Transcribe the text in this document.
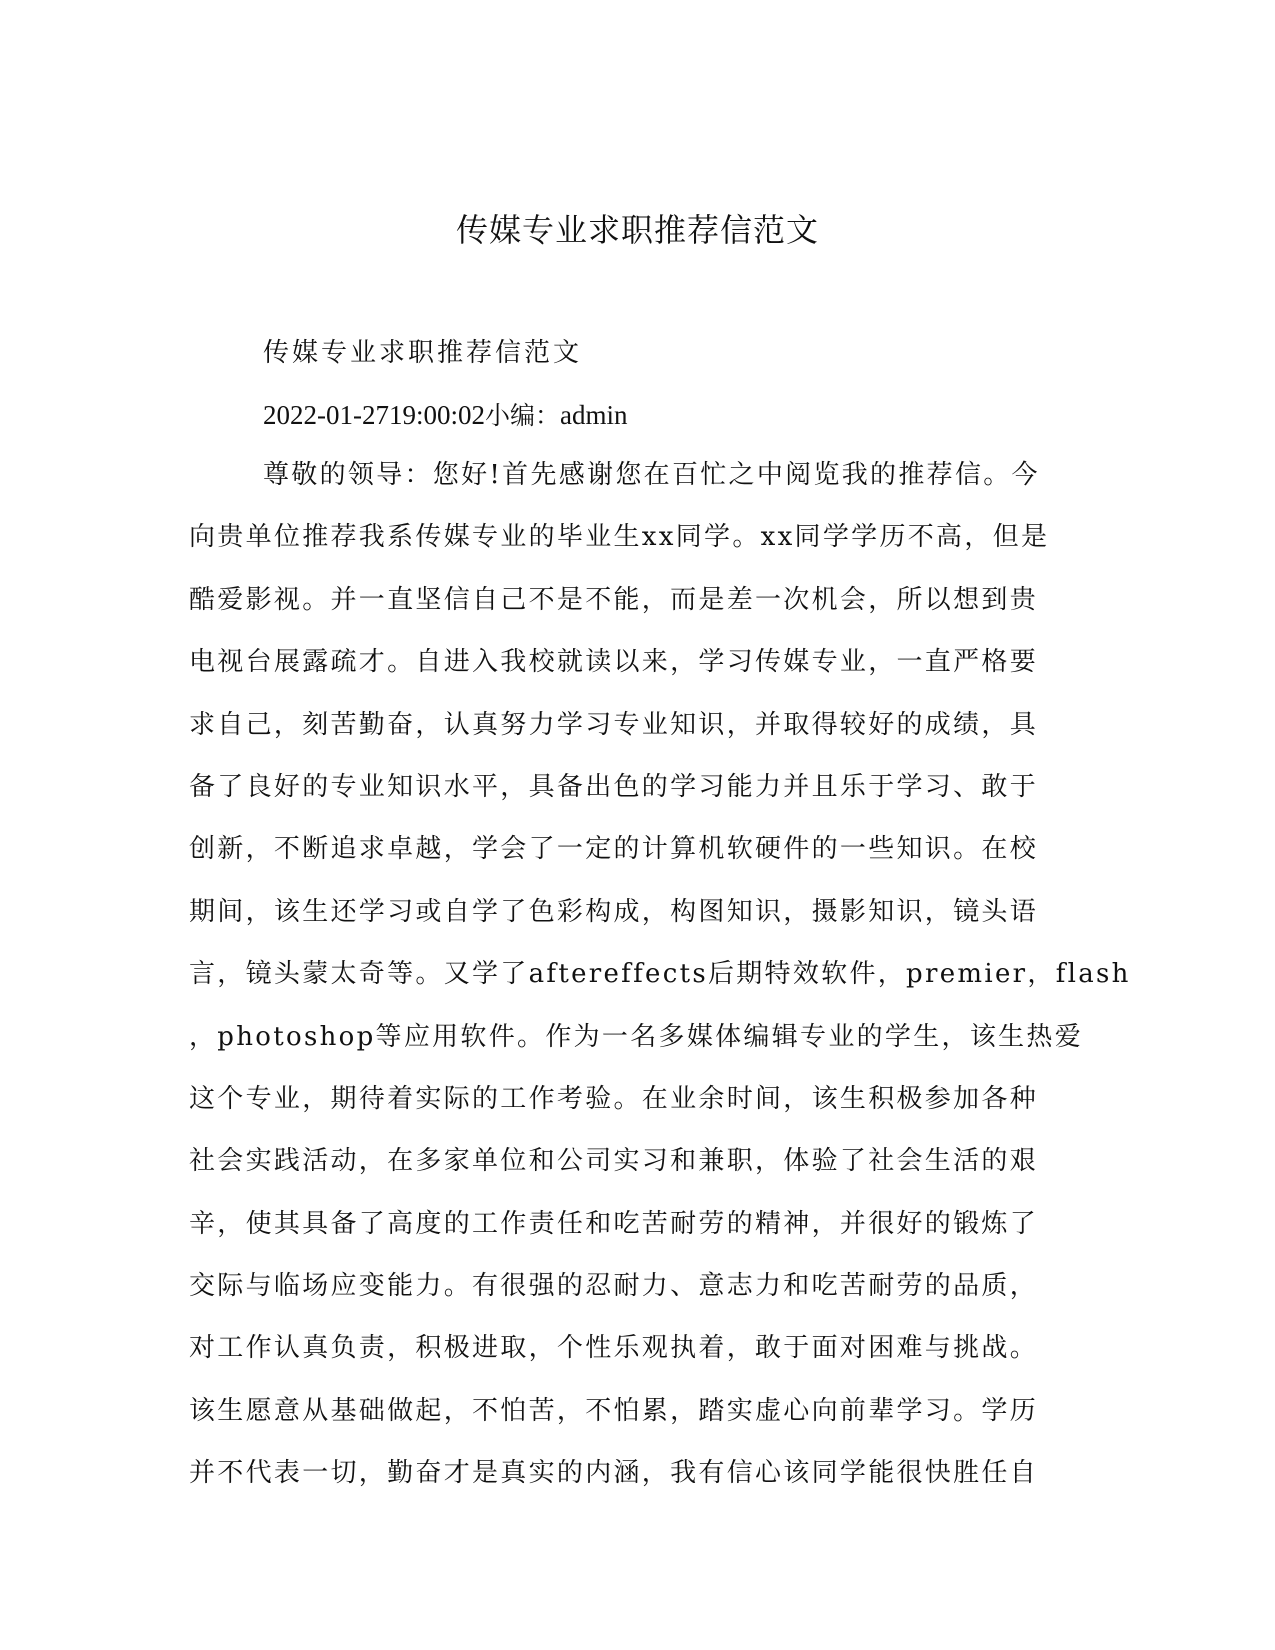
传媒专业求职推荐信范文

传媒专业求职推荐信范文

2022-01-2719:00:02小编：admin

尊敬的领导：您好!首先感谢您在百忙之中阅览我的推荐信。今
向贵单位推荐我系传媒专业的毕业生xx同学。xx同学学历不高，但是
酷爱影视。并一直坚信自己不是不能，而是差一次机会，所以想到贵
电视台展露疏才。自进入我校就读以来，学习传媒专业，一直严格要
求自己，刻苦勤奋，认真努力学习专业知识，并取得较好的成绩，具
备了良好的专业知识水平，具备出色的学习能力并且乐于学习、敢于
创新，不断追求卓越，学会了一定的计算机软硬件的一些知识。在校
期间，该生还学习或自学了色彩构成，构图知识，摄影知识，镜头语
言，镜头蒙太奇等。又学了aftereffects后期特效软件，premier，flash
，photoshop等应用软件。作为一名多媒体编辑专业的学生，该生热爱
这个专业，期待着实际的工作考验。在业余时间，该生积极参加各种
社会实践活动，在多家单位和公司实习和兼职，体验了社会生活的艰
辛，使其具备了高度的工作责任和吃苦耐劳的精神，并很好的锻炼了
交际与临场应变能力。有很强的忍耐力、意志力和吃苦耐劳的品质，
对工作认真负责，积极进取，个性乐观执着，敢于面对困难与挑战。
该生愿意从基础做起，不怕苦，不怕累，踏实虚心向前辈学习。学历
并不代表一切，勤奋才是真实的内涵，我有信心该同学能很快胜任自
